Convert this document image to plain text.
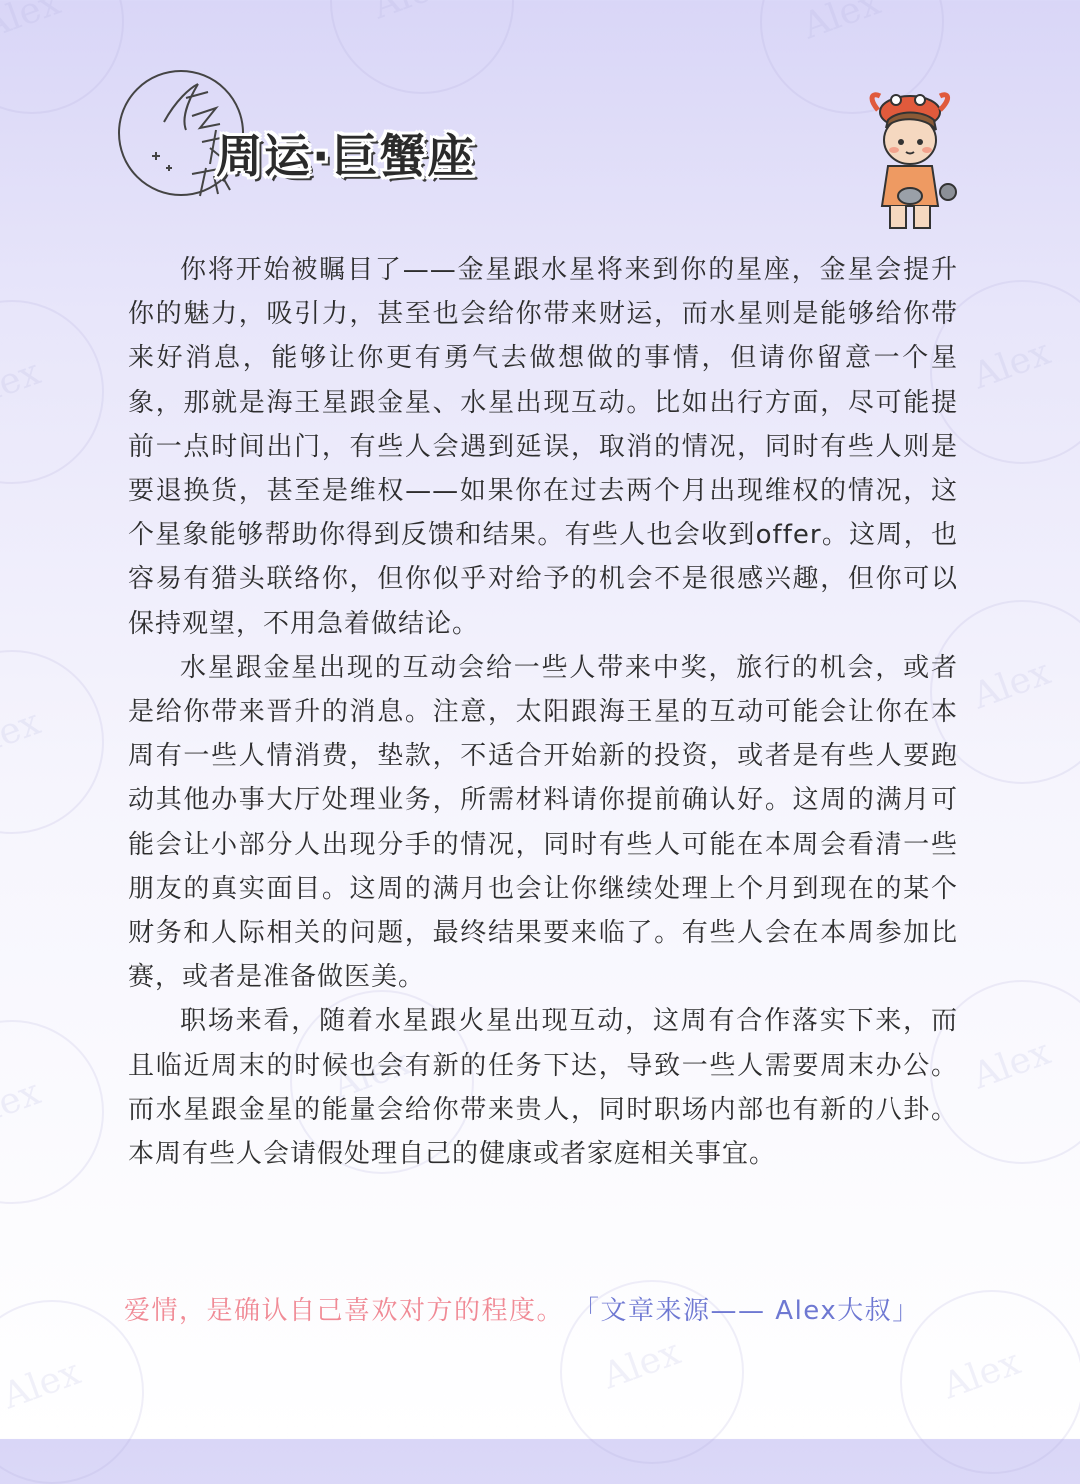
Alex
Alex
Alex
Alex
Alex
Alex
Alex
Alex
Alex
Alex
Alex
Alex
Alex
周运·巨蟹座

你将开始被瞩目了——金星跟水星将来到你的星座，金星会提升你的魅力，吸引力，甚至也会给你带来财运，而水星则是能够给你带来好消息，能够让你更有勇气去做想做的事情，但请你留意一个星象，那就是海王星跟金星、水星出现互动。比如出行方面，尽可能提前一点时间出门，有些人会遇到延误，取消的情况，同时有些人则是要退换货，甚至是维权——如果你在过去两个月出现维权的情况，这个星象能够帮助你得到反馈和结果。有些人也会收到offer。这周，也容易有猎头联络你，但你似乎对给予的机会不是很感兴趣，但你可以保持观望，不用急着做结论。

水星跟金星出现的互动会给一些人带来中奖，旅行的机会，或者是给你带来晋升的消息。注意，太阳跟海王星的互动可能会让你在本周有一些人情消费，垫款，不适合开始新的投资，或者是有些人要跑动其他办事大厅处理业务，所需材料请你提前确认好。这周的满月可能会让小部分人出现分手的情况，同时有些人可能在本周会看清一些朋友的真实面目。这周的满月也会让你继续处理上个月到现在的某个财务和人际相关的问题，最终结果要来临了。有些人会在本周参加比赛，或者是准备做医美。

职场来看，随着水星跟火星出现互动，这周有合作落实下来，而且临近周末的时候也会有新的任务下达，导致一些人需要周末办公。而水星跟金星的能量会给你带来贵人，同时职场内部也有新的八卦。本周有些人会请假处理自己的健康或者家庭相关事宜。

爱情，是确认自己喜欢对方的程度。 「文章来源—— Alex大叔」
